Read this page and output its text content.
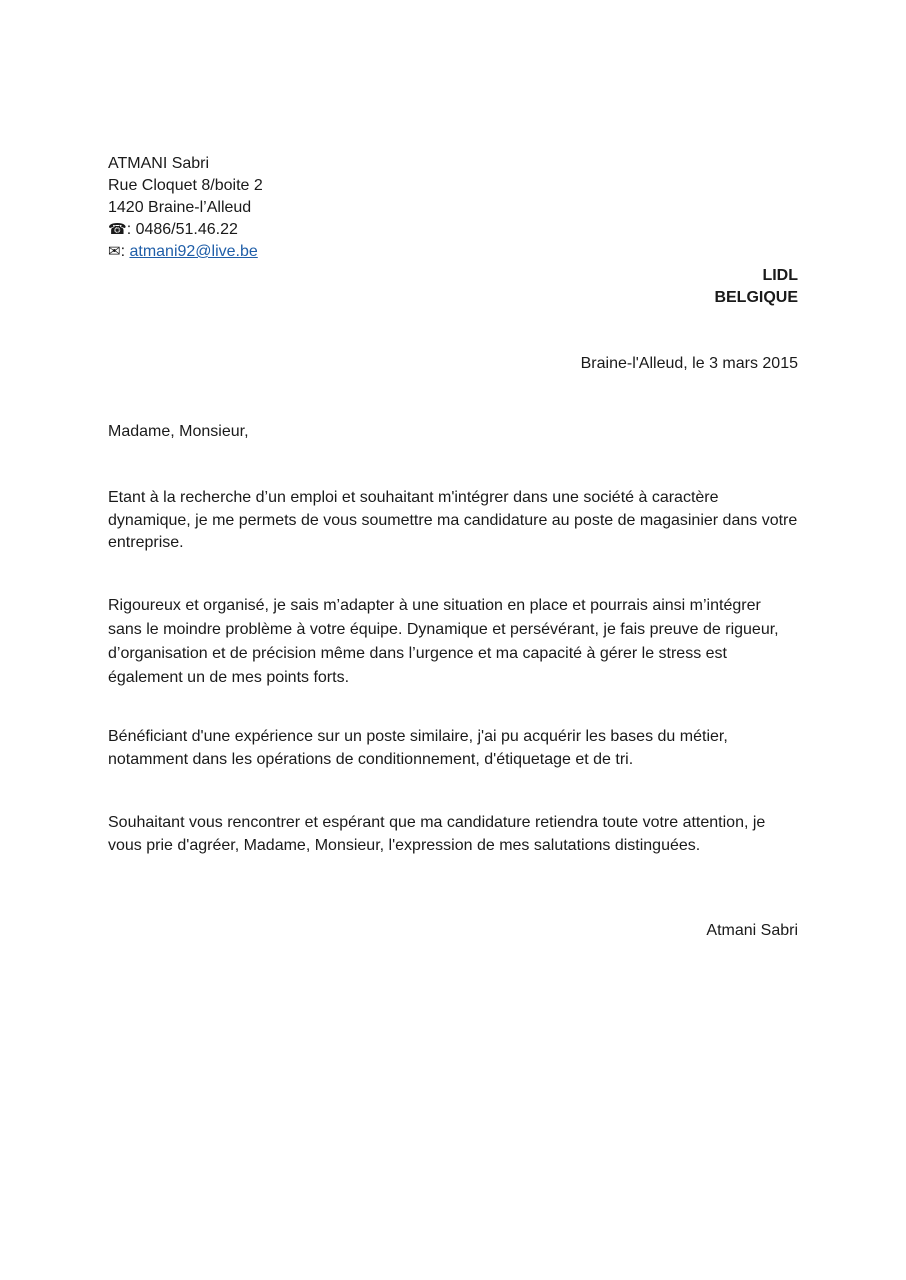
ATMANI Sabri
Rue Cloquet 8/boite 2
1420 Braine-l’Alleud
☎: 0486/51.46.22
✉: atmani92@live.be
LIDL
BELGIQUE
Braine-l'Alleud, le 3 mars 2015
Madame, Monsieur,

Etant à la recherche d’un emploi et souhaitant m'intégrer dans une société à caractère dynamique, je me permets de vous soumettre ma candidature au poste de magasinier dans votre entreprise.

Rigoureux et organisé, je sais m’adapter à une situation en place et pourrais ainsi m’intégrer sans le moindre problème à votre équipe. Dynamique et persévérant, je fais preuve de rigueur, d’organisation et de précision même dans l’urgence et ma capacité à gérer le stress est également un de mes points forts.

Bénéficiant d'une expérience sur un poste similaire, j'ai pu acquérir les bases du métier, notamment dans les opérations de conditionnement, d'étiquetage et de tri.

Souhaitant vous rencontrer et espérant que ma candidature retiendra toute votre attention, je vous prie d'agréer, Madame, Monsieur, l'expression de mes salutations distinguées.

Atmani Sabri
